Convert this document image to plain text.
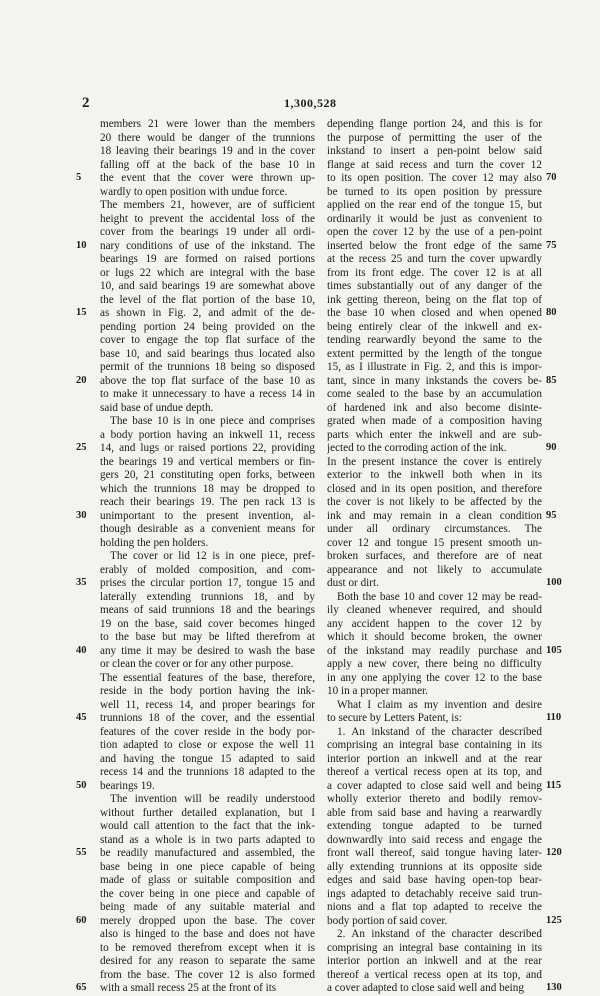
2	1,300,528
members 21 were lower than the members
20 there would be danger of the trunnions
18 leaving their bearings 19 and in the cover
falling off at the back of the base 10 in
the event that the cover were thrown up-
wardly to open position with undue force.
The members 21, however, are of sufficient
height to prevent the accidental loss of the
cover from the bearings 19 under all ordi-
nary conditions of use of the inkstand. The
bearings 19 are formed on raised portions
or lugs 22 which are integral with the base
10, and said bearings 19 are somewhat above
the level of the flat portion of the base 10,
as shown in Fig. 2, and admit of the de-
pending portion 24 being provided on the
cover to engage the top flat surface of the
base 10, and said bearings thus located also
permit of the trunnions 18 being so disposed
above the top flat surface of the base 10 as
to make it unnecessary to have a recess 14 in
said base of undue depth.
The base 10 is in one piece and comprises
a body portion having an inkwell 11, recess
14, and lugs or raised portions 22, providing
the bearings 19 and vertical members or fin-
gers 20, 21 constituting open forks, between
which the trunnions 18 may be dropped to
reach their bearings 19. The pen rack 13 is
unimportant to the present invention, al-
though desirable as a convenient means for
holding the pen holders.
The cover or lid 12 is in one piece, pref-
erably of molded composition, and com-
prises the circular portion 17, tongue 15 and
laterally extending trunnions 18, and by
means of said trunnions 18 and the bearings
19 on the base, said cover becomes hinged
to the base but may be lifted therefrom at
any time it may be desired to wash the base
or clean the cover or for any other purpose.
The essential features of the base, therefore,
reside in the body portion having the ink-
well 11, recess 14, and proper bearings for
trunnions 18 of the cover, and the essential
features of the cover reside in the body por-
tion adapted to close or expose the well 11
and having the tongue 15 adapted to said
recess 14 and the trunnions 18 adapted to the
bearings 19.
The invention will be readily understood
without further detailed explanation, but I
would call attention to the fact that the ink-
stand as a whole is in two parts adapted to
be readily manufactured and assembled, the
base being in one piece capable of being
made of glass or suitable composition and
the cover being in one piece and capable of
being made of any suitable material and
merely dropped upon the base. The cover
also is hinged to the base and does not have
to be removed therefrom except when it is
desired for any reason to separate the same
from the base. The cover 12 is also formed
with a small recess 25 at the front of its
depending flange portion 24, and this is for
the purpose of permitting the user of the
inkstand to insert a pen-point below said
flange at said recess and turn the cover 12
to its open position. The cover 12 may also
be turned to its open position by pressure
applied on the rear end of the tongue 15, but
ordinarily it would be just as convenient to
open the cover 12 by the use of a pen-point
inserted below the front edge of the same
at the recess 25 and turn the cover upwardly
from its front edge. The cover 12 is at all
times substantially out of any danger of the
ink getting thereon, being on the flat top of
the base 10 when closed and when opened
being entirely clear of the inkwell and ex-
tending rearwardly beyond the same to the
extent permitted by the length of the tongue
15, as I illustrate in Fig. 2, and this is impor-
tant, since in many inkstands the covers be-
come sealed to the base by an accumulation
of hardened ink and also become disinte-
grated when made of a composition having
parts which enter the inkwell and are sub-
jected to the corroding action of the ink.
In the present instance the cover is entirely
exterior to the inkwell both when in its
closed and in its open position, and therefore
the cover is not likely to be affected by the
ink and may remain in a clean condition
under all ordinary circumstances. The
cover 12 and tongue 15 present smooth un-
broken surfaces, and therefore are of neat
appearance and not likely to accumulate
dust or dirt.
Both the base 10 and cover 12 may be read-
ily cleaned whenever required, and should
any accident happen to the cover 12 by
which it should become broken, the owner
of the inkstand may readily purchase and
apply a new cover, there being no difficulty
in any one applying the cover 12 to the base
10 in a proper manner.
What I claim as my invention and desire
to secure by Letters Patent, is:
1. An inkstand of the character described
comprising an integral base containing in its
interior portion an inkwell and at the rear
thereof a vertical recess open at its top, and
a cover adapted to close said well and being
wholly exterior thereto and bodily remov-
able from said base and having a rearwardly
extending tongue adapted to be turned
downwardly into said recess and engage the
front wall thereof, said tongue having later-
ally extending trunnions at its opposite side
edges and said base having open-top bear-
ings adapted to detachably receive said trun-
nions and a flat top adapted to receive the
body portion of said cover.
2. An inkstand of the character described
comprising an integral base containing in its
interior portion an inkwell and at the rear
thereof a vertical recess open at its top, and
a cover adapted to close said well and being
5
10
15
20
25
30
35
40
45
50
55
60
65
70
75
80
85
90
95
100
105
110
115
120
125
130
